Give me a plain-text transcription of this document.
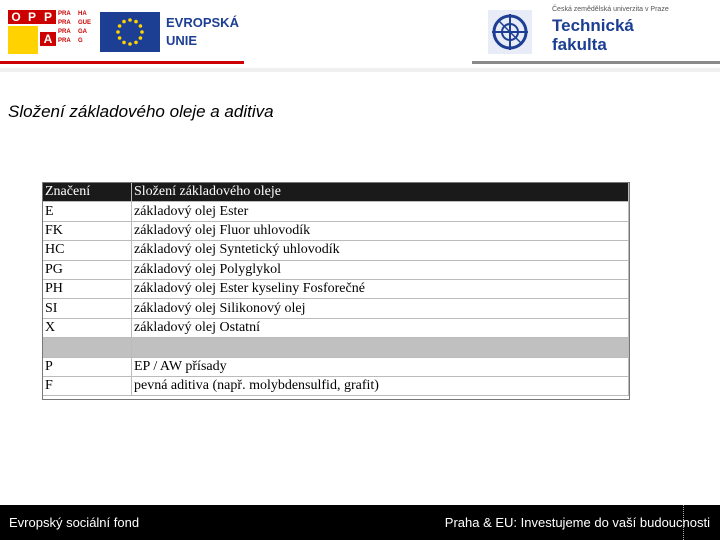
O P P
A
PRA
PRA
PRA
PRA
HA
GUE
GA
G
EVROPSKÁ
UNIE
Česká zemědělská univerzita v Praze
Technická
fakulta
Složení základového oleje a aditiva
Značení	Složení základového oleje
E	základový olej Ester
FK	základový olej Fluor uhlovodík
HC	základový olej Syntetický uhlovodík
PG	základový olej Polyglykol
PH	základový olej Ester kyseliny Fosforečné
SI	základový olej Silikonový olej
X	základový olej Ostatní

P	EP / AW přísady
F	pevná aditiva (např. molybdensulfid, grafit)
Evropský sociální fond	Praha & EU: Investujeme do vaší budoucnosti
